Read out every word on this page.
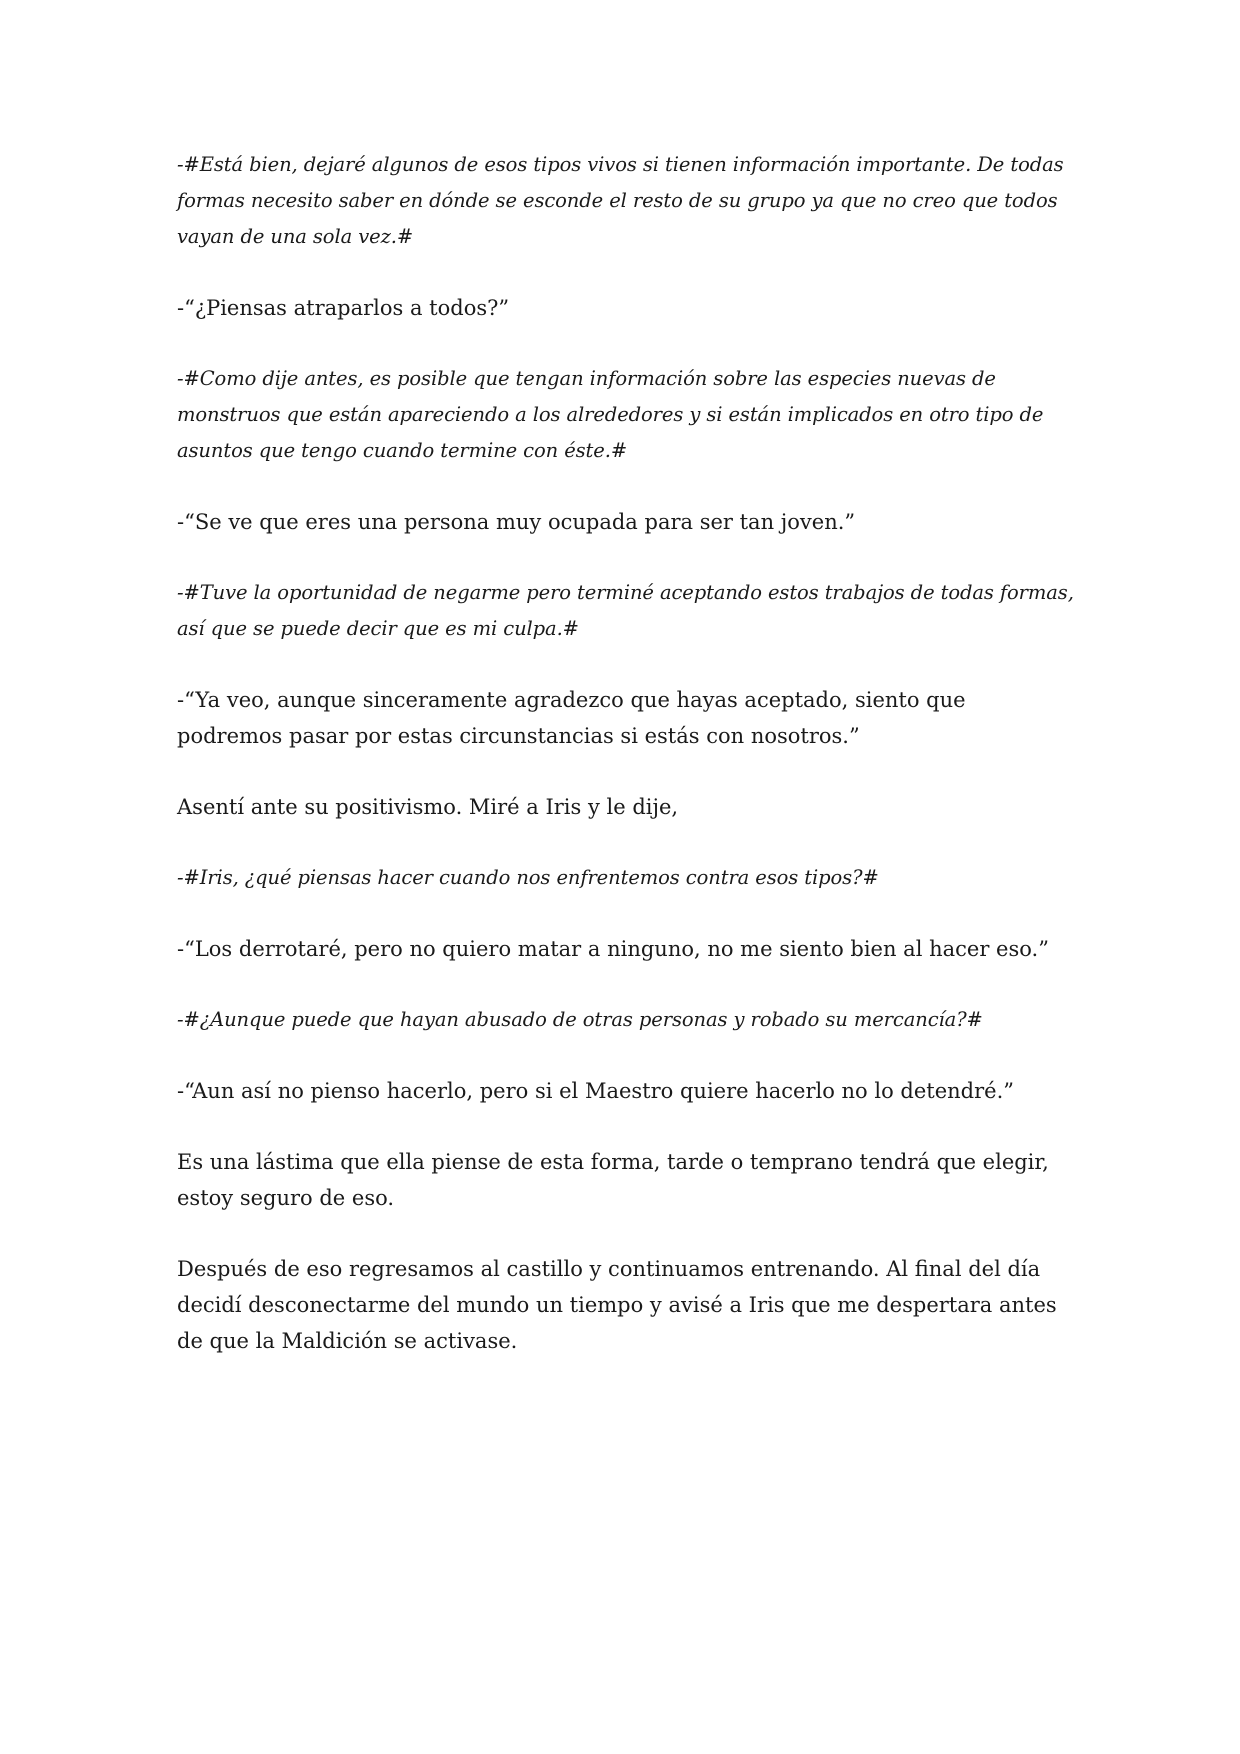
-#Está bien, dejaré algunos de esos tipos vivos si tienen información importante. De todas formas necesito saber en dónde se esconde el resto de su grupo ya que no creo que todos vayan de una sola vez.#

-“¿Piensas atraparlos a todos?”

-#Como dije antes, es posible que tengan información sobre las especies nuevas de monstruos que están apareciendo a los alrededores y si están implicados en otro tipo de asuntos que tengo cuando termine con éste.#

-“Se ve que eres una persona muy ocupada para ser tan joven.”

-#Tuve la oportunidad de negarme pero terminé aceptando estos trabajos de todas formas, así que se puede decir que es mi culpa.#

-“Ya veo, aunque sinceramente agradezco que hayas aceptado, siento que podremos pasar por estas circunstancias si estás con nosotros.”

Asentí ante su positivismo. Miré a Iris y le dije,

-#Iris, ¿qué piensas hacer cuando nos enfrentemos contra esos tipos?#

-“Los derrotaré, pero no quiero matar a ninguno, no me siento bien al hacer eso.”

-#¿Aunque puede que hayan abusado de otras personas y robado su mercancía?#

-“Aun así no pienso hacerlo, pero si el Maestro quiere hacerlo no lo detendré.”

Es una lástima que ella piense de esta forma, tarde o temprano tendrá que elegir, estoy seguro de eso.

Después de eso regresamos al castillo y continuamos entrenando. Al final del día decidí desconectarme del mundo un tiempo y avisé a Iris que me despertara antes de que la Maldición se activase.
